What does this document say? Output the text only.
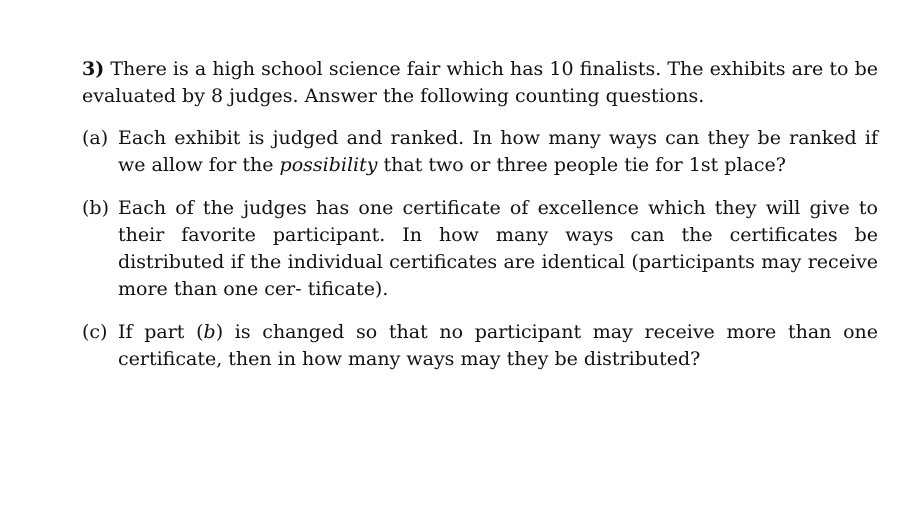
3) There is a high school science fair which has 10 finalists. The exhibits are to be evaluated by 8 judges. Answer the following counting questions.

(a) Each exhibit is judged and ranked. In how many ways can they be ranked if we allow for the possibility that two or three people tie for 1st place?
(b) Each of the judges has one certificate of excellence which they will give to their favorite participant. In how many ways can the certificates be distributed if the individual certificates are identical (participants may receive more than one cer- tificate).
(c) If part (b) is changed so that no participant may receive more than one certificate, then in how many ways may they be distributed?
